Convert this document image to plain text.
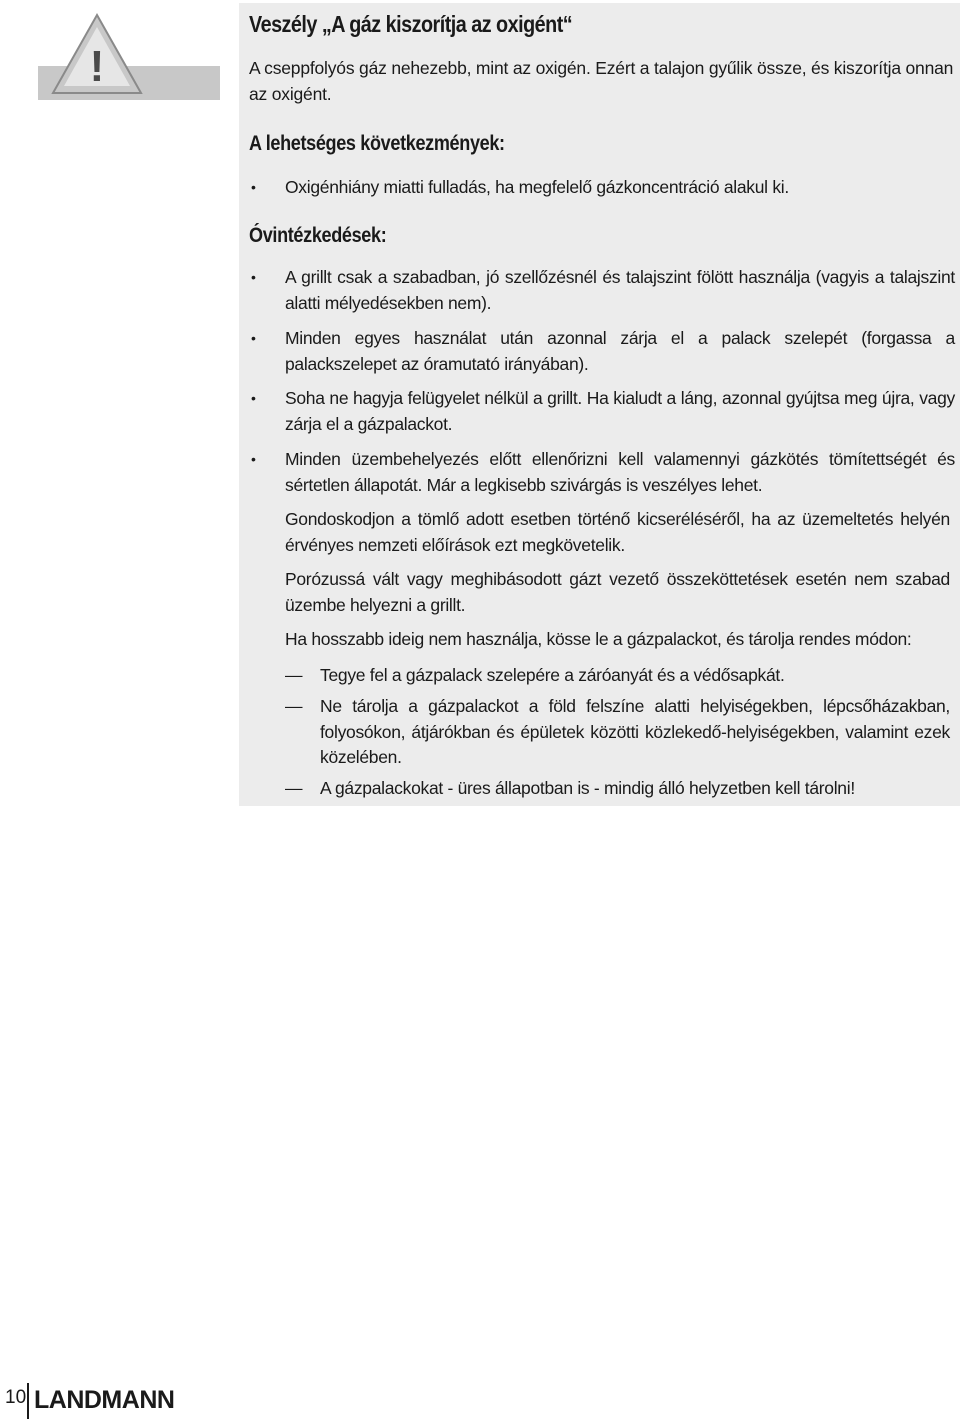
!
Veszély „A gáz kiszorítja az oxigént“
A cseppfolyós gáz nehezebb, mint az oxigén. Ezért a talajon gyűlik össze, és kiszorítja onnan az oxigént.
A lehetséges következmények:
• Oxigénhiány miatti fulladás, ha megfelelő gázkoncentráció alakul ki.
Óvintézkedések:
• A grillt csak a szabadban, jó szellőzésnél és talajszint fölött használja (vagyis a talajszint alatti mélyedésekben nem).
• Minden egyes használat után azonnal zárja el a palack szelepét (forgassa a palackszelepet az óramutató irányában).
• Soha ne hagyja felügyelet nélkül a grillt. Ha kialudt a láng, azonnal gyújtsa meg újra, vagy zárja el a gázpalackot.
• Minden üzembehelyezés előtt ellenőrizni kell valamennyi gázkötés tömítettségét és sértetlen állapotát. Már a legkisebb szivárgás is veszélyes lehet.
Gondoskodjon a tömlő adott esetben történő kicseréléséről, ha az üzemeltetés helyén érvényes nemzeti előírások ezt megkövetelik.
Porózussá vált vagy meghibásodott gázt vezető összeköttetések esetén nem szabad üzembe helyezni a grillt.
Ha hosszabb ideig nem használja, kösse le a gázpalackot, és tárolja rendes módon:
— Tegye fel a gázpalack szelepére a záróanyát és a védősapkát.
— Ne tárolja a gázpalackot a föld felszíne alatti helyiségekben, lépcsőházakban, folyosókon, átjárókban és épületek közötti közlekedő-helyiségekben, valamint ezek közelében.
— A gázpalackokat - üres állapotban is - mindig álló helyzetben kell tárolni!
10 LANDMANN
